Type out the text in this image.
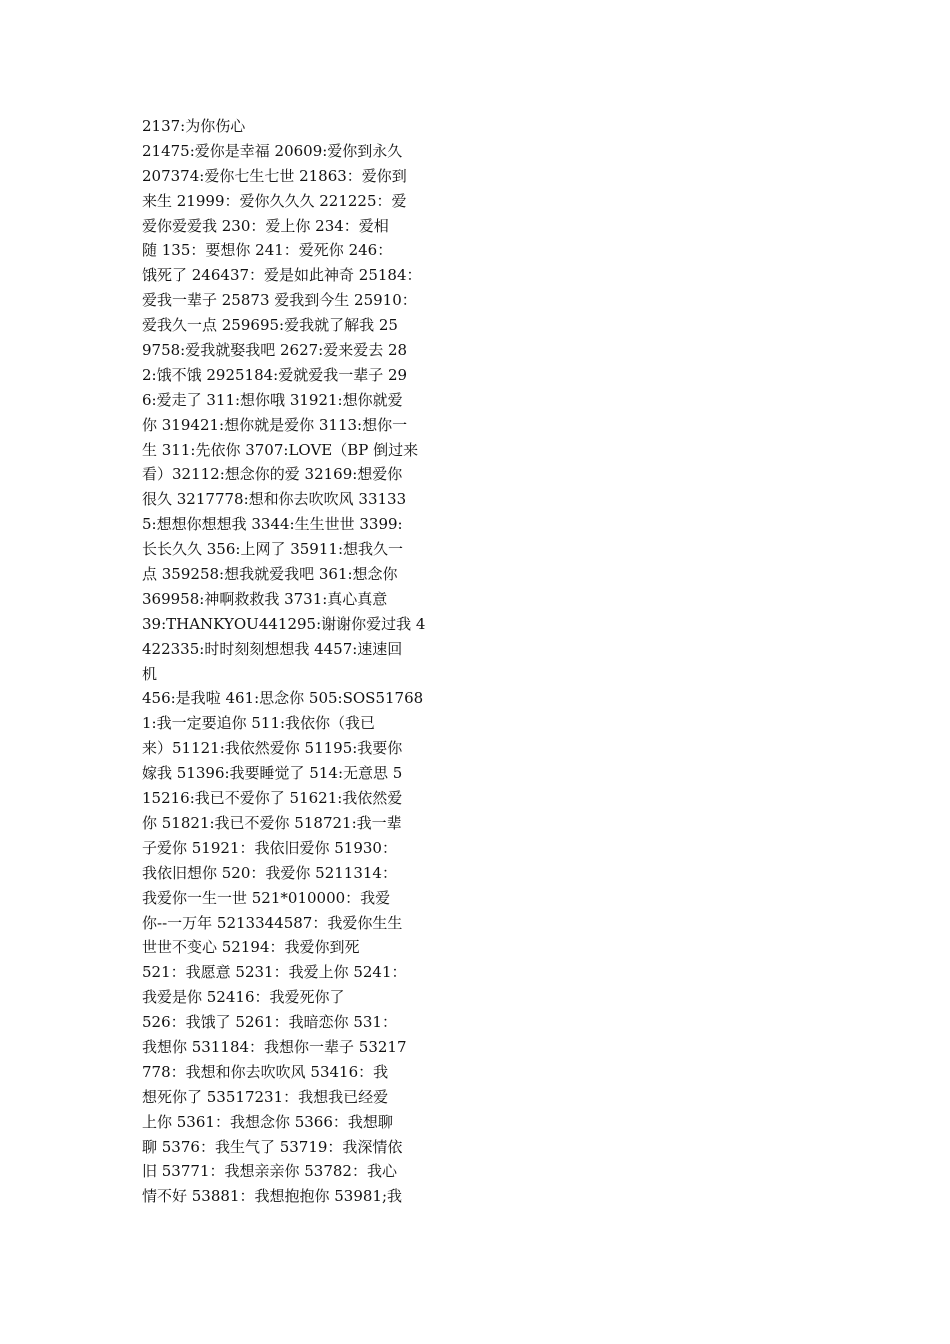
2137:为你伤心
21475:爱你是幸福 20609:爱你到永久
207374:爱你七生七世 21863：爱你到
来生 21999：爱你久久久 221225：爱
爱你爱爱我 230：爱上你 234：爱相
随 135：要想你 241：爱死你 246：
饿死了 246437：爱是如此神奇 25184：
爱我一辈子 25873 爱我到今生 25910：
爱我久一点 259695:爱我就了解我 25
9758:爱我就娶我吧 2627:爱来爱去 28
2:饿不饿 2925184:爱就爱我一辈子 29
6:爱走了 311:想你哦 31921:想你就爱
你 319421:想你就是爱你 3113:想你一
生 311:先依你 3707:LOVE（BP 倒过来
看）32112:想念你的爱 32169:想爱你
很久 3217778:想和你去吹吹风 33133
5:想想你想想我 3344:生生世世 3399:
长长久久 356:上网了 35911:想我久一
点 359258:想我就爱我吧 361:想念你
369958:神啊救救我 3731:真心真意
39:THANKYOU441295:谢谢你爱过我 4
422335:时时刻刻想想我 4457:速速回
机
456:是我啦 461:思念你 505:SOS51768
1:我一定要追你 511:我依你（我已
来）51121:我依然爱你 51195:我要你
嫁我 51396:我要睡觉了 514:无意思 5
15216:我已不爱你了 51621:我依然爱
你 51821:我已不爱你 518721:我一辈
子爱你 51921：我依旧爱你 51930：
我依旧想你 520：我爱你 5211314：
我爱你一生一世 521*010000：我爱
你--一万年 5213344587：我爱你生生
世世不变心 52194：我爱你到死
521：我愿意 5231：我爱上你 5241：
我爱是你 52416：我爱死你了
526：我饿了 5261：我暗恋你 531：
我想你 531184：我想你一辈子 53217
778：我想和你去吹吹风 53416：我
想死你了 53517231：我想我已经爱
上你 5361：我想念你 5366：我想聊
聊 5376：我生气了 53719：我深情依
旧 53771：我想亲亲你 53782：我心
情不好 53881：我想抱抱你 53981;我
